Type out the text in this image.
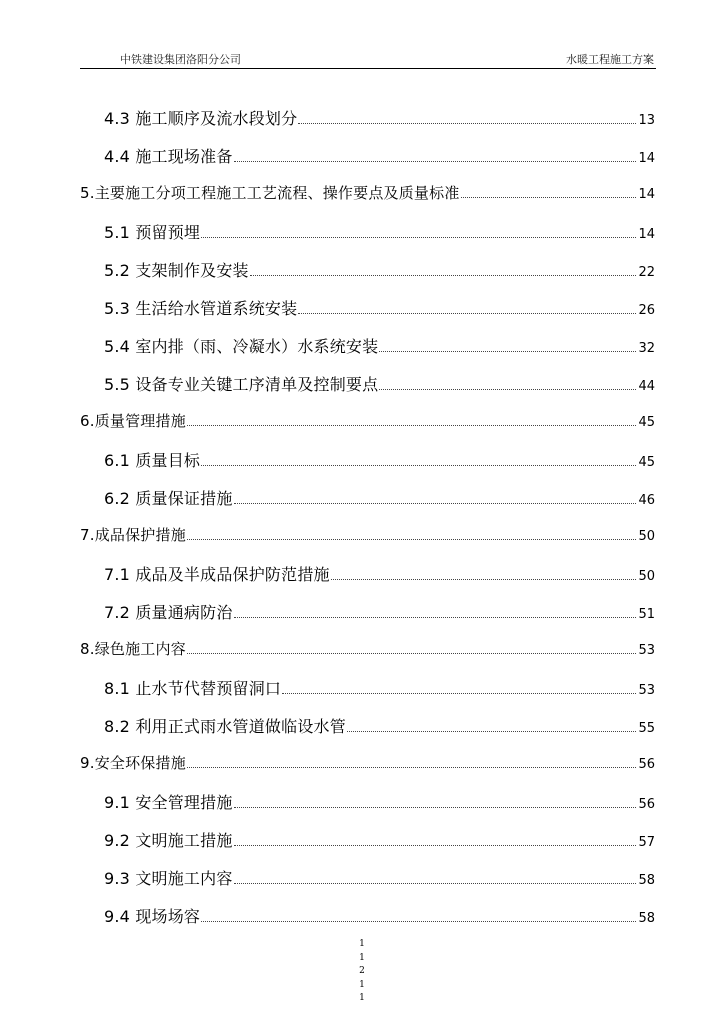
中铁建设集团洛阳分公司	水暖工程施工方案
4.3 施工顺序及流水段划分	13
4.4 施工现场准备	14
5.主要施工分项工程施工工艺流程、操作要点及质量标准	14
5.1 预留预埋	14
5.2 支架制作及安装	22
5.3 生活给水管道系统安装	26
5.4 室内排（雨、冷凝水）水系统安装	32
5.5 设备专业关键工序清单及控制要点	44
6.质量管理措施	45
6.1 质量目标	45
6.2 质量保证措施	46
7.成品保护措施	50
7.1 成品及半成品保护防范措施	50
7.2 质量通病防治	51
8.绿色施工内容	53
8.1 止水节代替预留洞口	53
8.2 利用正式雨水管道做临设水管	55
9.安全环保措施	56
9.1 安全管理措施	56
9.2 文明施工措施	57
9.3 文明施工内容	58
9.4 现场场容	58
1
1
2
1
1
